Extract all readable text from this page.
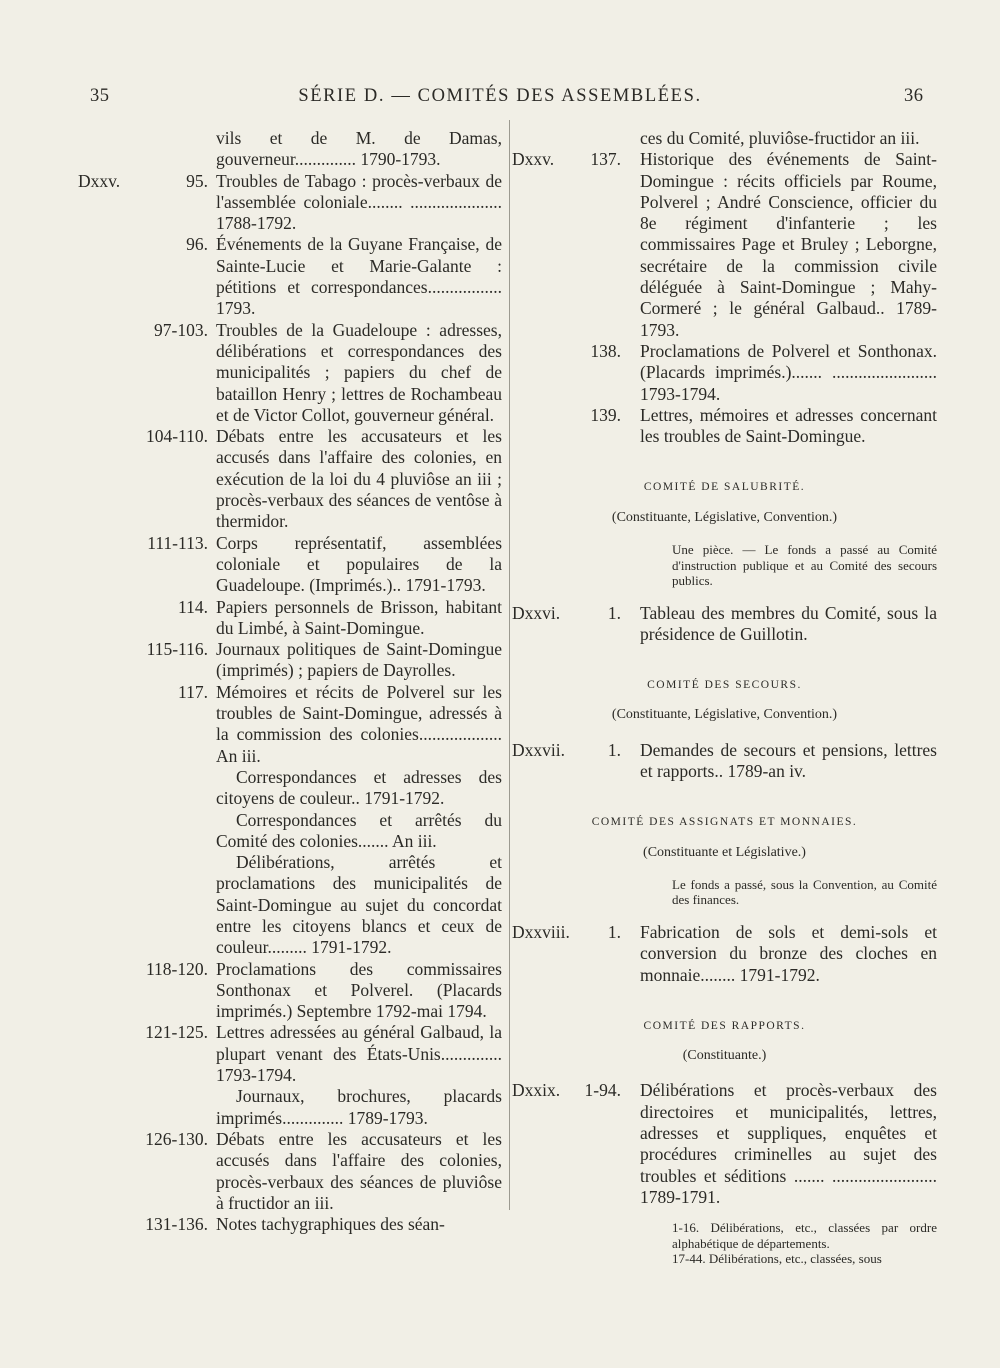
35	SÉRIE D. — COMITÉS DES ASSEMBLÉES.	36
vils et de M. de Damas, gouverneur.............. 1790-1793.
Dxxv.	95. Troubles de Tabago : procès-verbaux de l'assemblée coloniale........ ..................... 1788-1792.
96. Événements de la Guyane Française, de Sainte-Lucie et Marie-Galante : pétitions et correspondances................. 1793.
97-103. Troubles de la Guadeloupe : adresses, délibérations et correspondances des municipalités ; papiers du chef de bataillon Henry ; lettres de Rochambeau et de Victor Collot, gouverneur général.
104-110. Débats entre les accusateurs et les accusés dans l'affaire des colonies, en exécution de la loi du 4 pluviôse an iii ; procès-verbaux des séances de ventôse à thermidor.
111-113. Corps représentatif, assemblées coloniale et populaires de la Guadeloupe. (Imprimés.).. 1791-1793.
114. Papiers personnels de Brisson, habitant du Limbé, à Saint-Domingue.
115-116. Journaux politiques de Saint-Domingue (imprimés) ; papiers de Dayrolles.
117. Mémoires et récits de Polverel sur les troubles de Saint-Domingue, adressés à la commission des colonies................... An iii.
Correspondances et adresses des citoyens de couleur.. 1791-1792.
Correspondances et arrêtés du Comité des colonies....... An iii.
Délibérations, arrêtés et proclamations des municipalités de Saint-Domingue au sujet du concordat entre les citoyens blancs et ceux de couleur......... 1791-1792.
118-120. Proclamations des commissaires Sonthonax et Polverel. (Placards imprimés.) Septembre 1792-mai 1794.
121-125. Lettres adressées au général Galbaud, la plupart venant des États-Unis.............. 1793-1794.
Journaux, brochures, placards imprimés.............. 1789-1793.
126-130. Débats entre les accusateurs et les accusés dans l'affaire des colonies, procès-verbaux des séances de pluviôse à fructidor an iii.
131-136. Notes tachygraphiques des séan-
ces du Comité, pluviôse-fructidor an iii.
Dxxv. 137. Historique des événements de Saint-Domingue : récits officiels par Roume, Polverel ; André Conscience, officier du 8e régiment d'infanterie ; les commissaires Page et Bruley ; Leborgne, secrétaire de la commission civile déléguée à Saint-Domingue ; Mahy-Cormeré ; le général Galbaud.. 1789-1793.
138. Proclamations de Polverel et Sonthonax. (Placards imprimés.)....... ........................ 1793-1794.
139. Lettres, mémoires et adresses concernant les troubles de Saint-Domingue.
COMITÉ DE SALUBRITÉ.
(Constituante, Législative, Convention.)
Une pièce. — Le fonds a passé au Comité d'instruction publique et au Comité des secours publics.
Dxxvi.	1. Tableau des membres du Comité, sous la présidence de Guillotin.
COMITÉ DES SECOURS.
(Constituante, Législative, Convention.)
Dxxvii. 1. Demandes de secours et pensions, lettres et rapports.. 1789-an iv.
COMITÉ DES ASSIGNATS ET MONNAIES.
(Constituante et Législative.)
Le fonds a passé, sous la Convention, au Comité des finances.
Dxxviii. 1. Fabrication de sols et demi-sols et conversion du bronze des cloches en monnaie........ 1791-1792.
COMITÉ DES RAPPORTS.
(Constituante.)
Dxxix. 1-94. Délibérations et procès-verbaux des directoires et municipalités, lettres, adresses et suppliques, enquêtes et procédures criminelles au sujet des troubles et séditions ....... ........................ 1789-1791.
1-16. Délibérations, etc., classées par ordre alphabétique de départements.
17-44. Délibérations, etc., classées, sous
